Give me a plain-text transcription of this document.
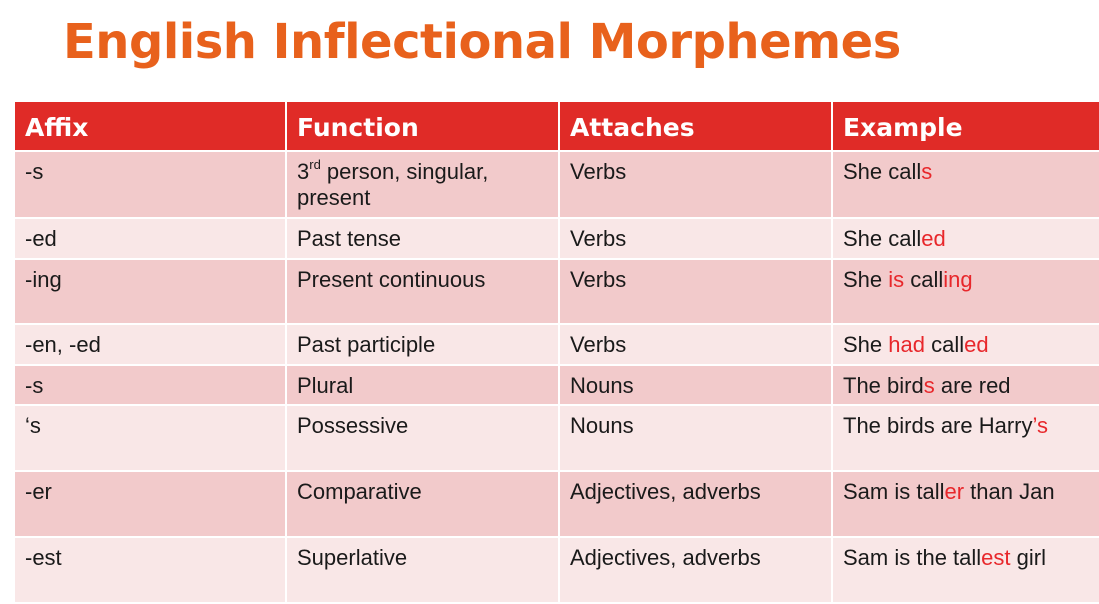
English Inflectional Morphemes
Affix	Function	Attaches	Example
-s	3rd person, singular, present	Verbs	She calls
-ed	Past tense	Verbs	She called
-ing	Present continuous	Verbs	She is calling
-en, -ed	Past participle	Verbs	She had called
-s	Plural	Nouns	The birds are red
‘s	Possessive	Nouns	The birds are Harry’s
-er	Comparative	Adjectives, adverbs	Sam is taller than Jan
-est	Superlative	Adjectives, adverbs	Sam is the tallest girl
